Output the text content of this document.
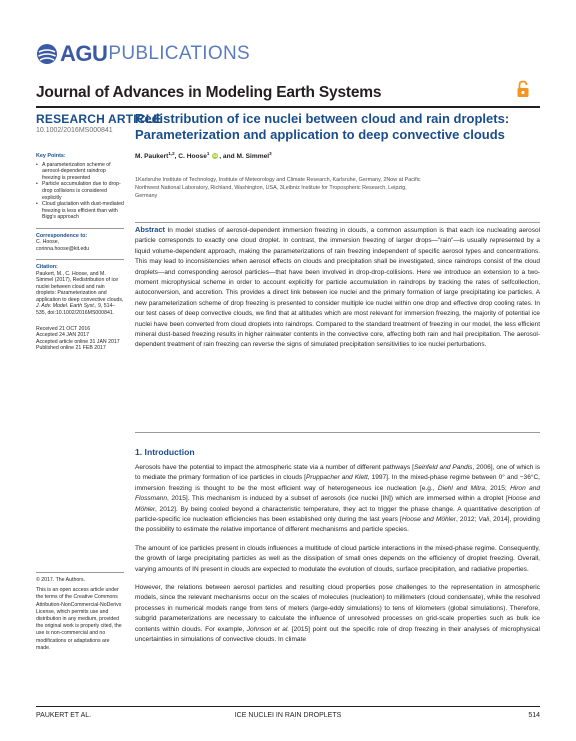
AGU PUBLICATIONS
Journal of Advances in Modeling Earth Systems
RESEARCH ARTICLE
10.1002/2016MS000841
Key Points:
• A parameterization scheme of aerosol-dependent raindrop freezing is presented
• Particle accumulation due to drop-drop collisions is considered explicitly
• Cloud glaciation with dust-mediated freezing is less efficient than with Bigg's approach
Correspondence to:
C. Hoose,
corinna.hoose@kit.edu
Citation:
Paukert, M., C. Hoose, and M. Simmel (2017), Redistribution of ice nuclei between cloud and rain droplets: Parameterization and application to deep convective clouds, J. Adv. Model. Earth Syst., 9, 514–535, doi:10.1002/2016MS000841.
Received 21 OCT 2016
Accepted 24 JAN 2017
Accepted article online 31 JAN 2017
Published online 21 FEB 2017
© 2017. The Authors.
This is an open access article under the terms of the Creative Commons Attribution-NonCommercial-NoDerivs License, which permits use and distribution in any medium, provided the original work is properly cited, the use is non-commercial and no modifications or adaptations are made.
Redistribution of ice nuclei between cloud and rain droplets:
Parameterization and application to deep convective clouds
M. Paukert$^{1,2}$, C. Hoose$^1$ iD , and M. Simmel$^3$
1Karlsruhe Institute of Technology, Institute of Meteorology and Climate Research, Karlsruhe, Germany, 2Now at Pacific
Northwest National Laboratory, Richland, Washington, USA, 3Leibniz Institute for Tropospheric Research, Leipzig,
Germany
Abstract In model studies of aerosol-dependent immersion freezing in clouds, a common assumption is that each ice nucleating aerosol particle corresponds to exactly one cloud droplet. In contrast, the immersion freezing of larger drops—"rain"—is usually represented by a liquid volume-dependent approach, making the parameterizations of rain freezing independent of specific aerosol types and concentrations. This may lead to inconsistencies when aerosol effects on clouds and precipitation shall be investigated, since raindrops consist of the cloud droplets—and corresponding aerosol particles—that have been involved in drop-drop-collisions. Here we introduce an extension to a two-moment microphysical scheme in order to account explicitly for particle accumulation in raindrops by tracking the rates of selfcollection, autoconversion, and accretion. This provides a direct link between ice nuclei and the primary formation of large precipitating ice particles. A new parameterization scheme of drop freezing is presented to consider multiple ice nuclei within one drop and effective drop cooling rates. In our test cases of deep convective clouds, we find that at altitudes which are most relevant for immersion freezing, the majority of potential ice nuclei have been converted from cloud droplets into raindrops. Compared to the standard treatment of freezing in our model, the less efficient mineral dust-based freezing results in higher rainwater contents in the convective core, affecting both rain and hail precipitation. The aerosol-dependent treatment of rain freezing can reverse the signs of simulated precipitation sensitivities to ice nuclei perturbations.
1. Introduction

Aerosols have the potential to impact the atmospheric state via a number of different pathways [Seinfeld and Pandis, 2006], one of which is to mediate the primary formation of ice particles in clouds [Pruppacher and Klett, 1997]. In the mixed-phase regime between 0° and −36°C, immersion freezing is thought to be the most efficient way of heterogeneous ice nucleation [e.g., Diehl and Mitra, 2015; Hiron and Flossmann, 2015]. This mechanism is induced by a subset of aerosols (ice nuclei [IN]) which are immersed within a droplet [Hoose and Möhler, 2012]. By being cooled beyond a characteristic temperature, they act to trigger the phase change. A quantitative description of particle-specific ice nucleation efficiencies has been established only during the last years [Hoose and Möhler, 2012; Vali, 2014], providing the possibility to estimate the relative importance of different mechanisms and particle species.

The amount of ice particles present in clouds influences a multitude of cloud particle interactions in the mixed-phase regime. Consequently, the growth of large precipitating particles as well as the dissipation of small ones depends on the efficiency of droplet freezing. Overall, varying amounts of IN present in clouds are expected to modulate the evolution of clouds, surface precipitation, and radiative properties.

However, the relations between aerosol particles and resulting cloud properties pose challenges to the representation in atmospheric models, since the relevant mechanisms occur on the scales of molecules (nucleation) to millimeters (cloud condensate), while the resolved processes in numerical models range from tens of meters (large-eddy simulations) to tens of kilometers (global simulations). Therefore, subgrid parameterizations are necessary to calculate the influence of unresolved processes on grid-scale properties such as bulk ice contents within clouds. For example, Johnson et al. [2015] point out the specific role of drop freezing in their analyses of microphysical uncertainties in simulations of convective clouds. In climate

PAUKERT ET AL.	ICE NUCLEI IN RAIN DROPLETS	514
